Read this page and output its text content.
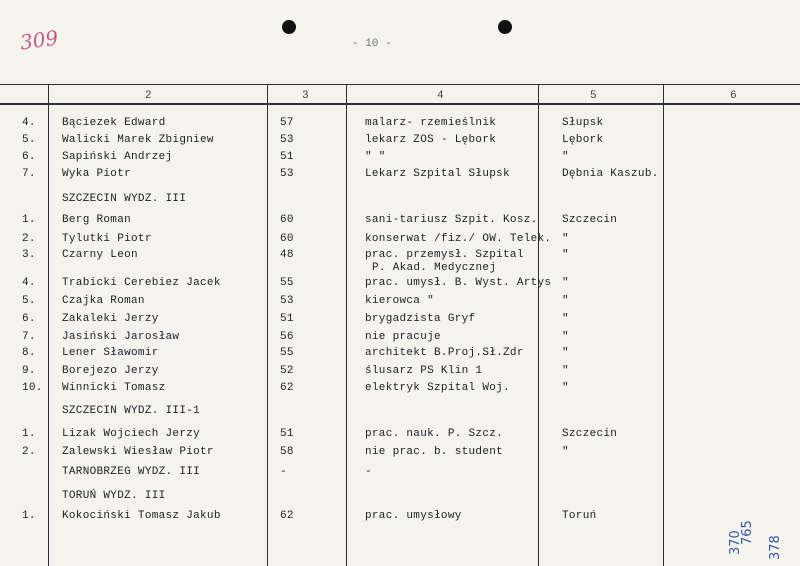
309	- 10 -
2	3	4	5	6
4. Bąciezek Edward	57	malarz- rzemieślnik	Słupsk
5. Walicki Marek Zbigniew	53	lekarz ZOS - Lębork	Lębork
6. Sapiński Andrzej	51	" "	"
7. Wyka Piotr	53	Lekarz Szpital Słupsk	Dębnia Kaszub.
SZCZECIN WYDZ. III
1. Berg Roman	60	sani-tariusz Szpit. Kosz. Szczecin
2. Tylutki Piotr	60	konserwat /fiz./ OW. Telek. "
3. Czarny Leon	48	prac. przemysł. Szpital	"
P. Akad. Medycznej
4. Trabicki Cerebiez Jacek	55	prac. umysł. B. Wyst. Artys "
5. Czajka Roman	53	kierowca "	"
6. Zakaleki Jerzy	51	brygadzista Gryf	"
7. Jasiński Jarosław	56	nie pracuje	"
8. Lener Sławomir	55	architekt B.Proj.Sł.Zdr	"
9. Borejezo Jerzy	52	ślusarz PS Klin 1	"
10. Winnicki Tomasz	62	elektryk Szpital Woj.	"
SZCZECIN WYDZ. III-1
1. Lizak Wojciech Jerzy	51	prac. nauk. P. Szcz.	Szczecin
2. Zalewski Wiesław Piotr	58	nie prac. b. student	"
TARNOBRZEG WYDZ. III	-	-
TORUŃ WYDZ. III
1. Kokociński Tomasz Jakub	62	prac. umysłowy	Toruń
378
765
370
